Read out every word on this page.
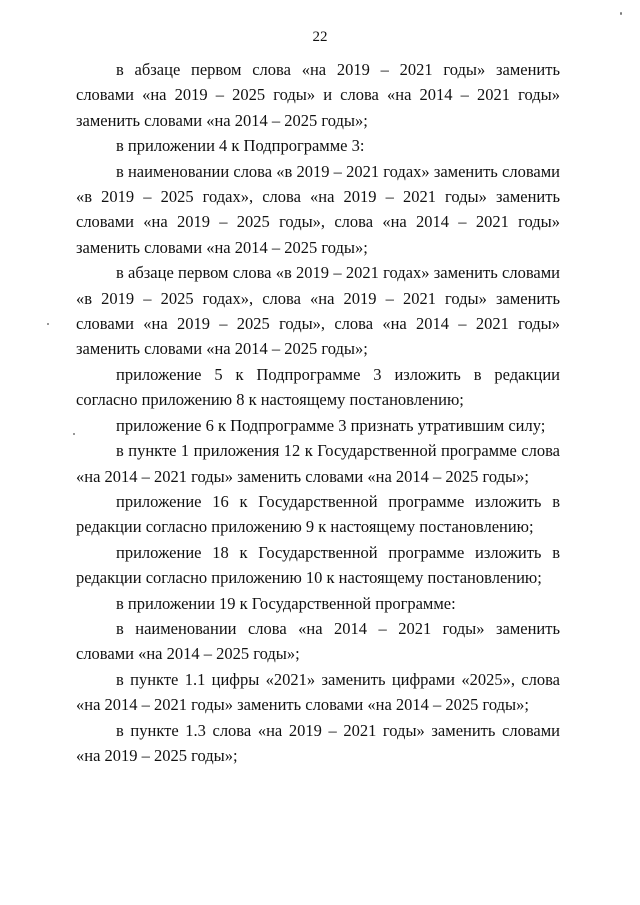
22

в абзаце первом слова «на 2019 – 2021 годы» заменить словами «на 2019 – 2025 годы» и слова «на 2014 – 2021 годы» заменить словами «на 2014 – 2025 годы»;

в приложении 4 к Подпрограмме 3:

в наименовании слова «в 2019 – 2021 годах» заменить словами «в 2019 – 2025 годах», слова «на 2019 – 2021 годы» заменить словами «на 2019 – 2025 годы», слова «на 2014 – 2021 годы» заменить словами «на 2014 – 2025 годы»;

в абзаце первом слова «в 2019 – 2021 годах» заменить словами «в 2019 – 2025 годах», слова «на 2019 – 2021 годы» заменить словами «на 2019 – 2025 годы», слова «на 2014 – 2021 годы» заменить словами «на 2014 – 2025 годы»;

приложение 5 к Подпрограмме 3 изложить в редакции согласно приложению 8 к настоящему постановлению;

приложение 6 к Подпрограмме 3 признать утратившим силу;

в пункте 1 приложения 12 к Государственной программе слова «на 2014 – 2021 годы» заменить словами «на 2014 – 2025 годы»;

приложение 16 к Государственной программе изложить в редакции согласно приложению 9 к настоящему постановлению;

приложение 18 к Государственной программе изложить в редакции согласно приложению 10 к настоящему постановлению;

в приложении 19 к Государственной программе:

в наименовании слова «на 2014 – 2021 годы» заменить словами «на 2014 – 2025 годы»;

в пункте 1.1 цифры «2021» заменить цифрами «2025», слова «на 2014 – 2021 годы» заменить словами «на 2014 – 2025 годы»;

в пункте 1.3 слова «на 2019 – 2021 годы» заменить словами «на 2019 – 2025 годы»;
